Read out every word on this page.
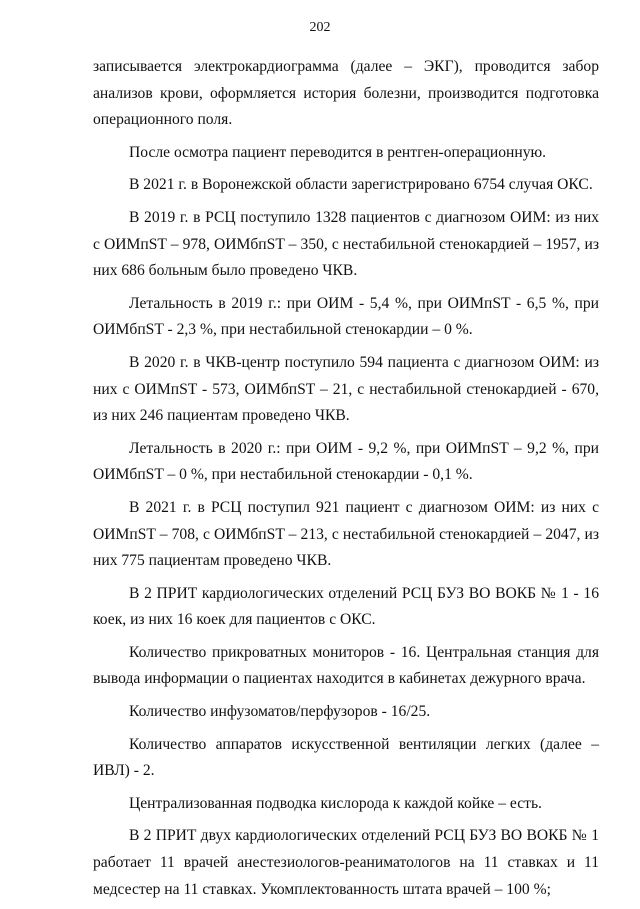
202

записывается электрокардиограмма (далее – ЭКГ), проводится забор анализов крови, оформляется история болезни, производится подготовка операционного поля.

После осмотра пациент переводится в рентген-операционную.

В 2021 г. в Воронежской области зарегистрировано 6754 случая ОКС.

В 2019 г. в РСЦ поступило 1328 пациентов с диагнозом ОИМ: из них с ОИМпST – 978, ОИМбпST – 350, с нестабильной стенокардией – 1957, из них 686 больным было проведено ЧКВ.

Летальность в 2019 г.: при ОИМ - 5,4 %, при ОИМпST - 6,5 %, при ОИМбпST - 2,3 %, при нестабильной стенокардии – 0 %.

В 2020 г. в ЧКВ-центр поступило 594 пациента с диагнозом ОИМ: из них с ОИМпST - 573, ОИМбпST – 21, с нестабильной стенокардией - 670, из них 246 пациентам проведено ЧКВ.

Летальность в 2020 г.: при ОИМ - 9,2 %, при ОИМпST – 9,2 %, при ОИМбпST – 0 %, при нестабильной стенокардии - 0,1 %.

В 2021 г. в РСЦ поступил 921 пациент с диагнозом ОИМ: из них с ОИМпST – 708, с ОИМбпST – 213, с нестабильной стенокардией – 2047, из них 775 пациентам проведено ЧКВ.

В 2 ПРИТ кардиологических отделений РСЦ БУЗ ВО ВОКБ № 1 - 16 коек, из них 16 коек для пациентов с ОКС.

Количество прикроватных мониторов - 16. Центральная станция для вывода информации о пациентах находится в кабинетах дежурного врача.

Количество инфузоматов/перфузоров - 16/25.

Количество аппаратов искусственной вентиляции легких (далее – ИВЛ) - 2.

Централизованная подводка кислорода к каждой койке – есть.

В 2 ПРИТ двух кардиологических отделений РСЦ БУЗ ВО ВОКБ № 1 работает 11 врачей анестезиологов-реаниматологов на 11 ставках и 11 медсестер на 11 ставках. Укомплектованность штата врачей – 100 %;
